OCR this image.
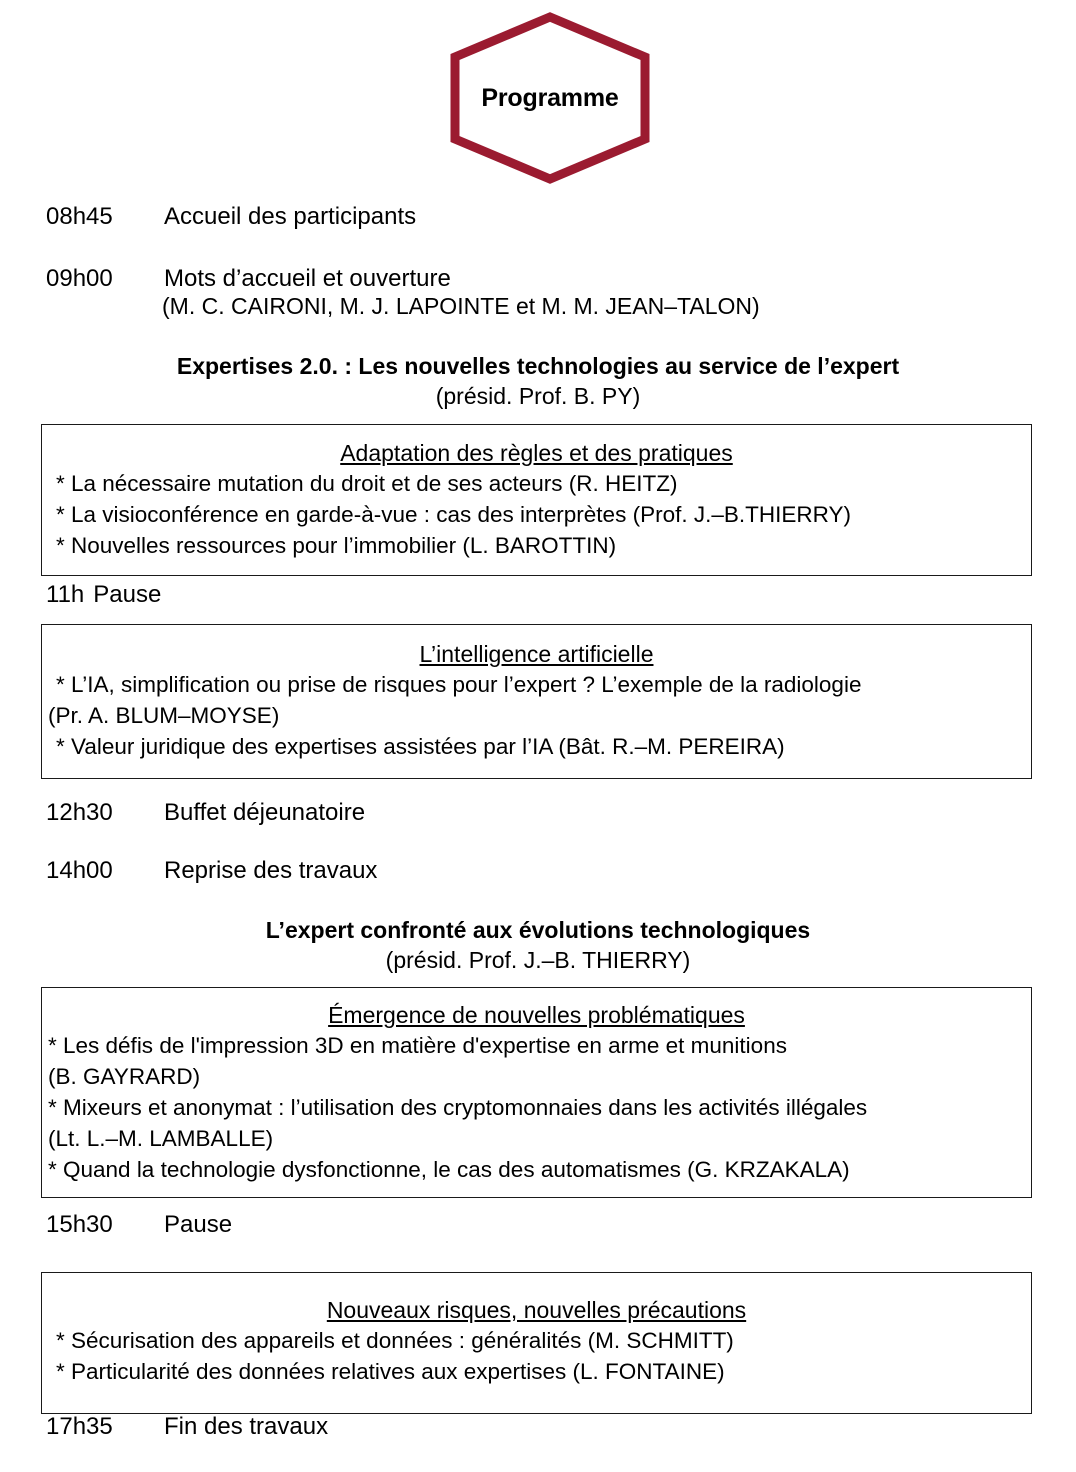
Programme
08h45	Accueil des participants
09h00	Mots d’accueil et ouverture
(M. C. CAIRONI, M. J. LAPOINTE et M. M. JEAN–TALON)
Expertises 2.0. : Les nouvelles technologies au service de l’expert
(présid. Prof. B. PY)
Adaptation des règles et des pratiques
* La nécessaire mutation du droit et de ses acteurs (R. HEITZ)
* La visioconférence en garde-à-vue : cas des interprètes (Prof. J.–B.THIERRY)
* Nouvelles ressources pour l’immobilier (L. BAROTTIN)
11h Pause
L’intelligence artificielle
* L’IA, simplification ou prise de risques pour l’expert ? L’exemple de la radiologie
(Pr. A. BLUM–MOYSE)
* Valeur juridique des expertises assistées par l’IA (Bât. R.–M. PEREIRA)
12h30	Buffet déjeunatoire
14h00	Reprise des travaux
L’expert confronté aux évolutions technologiques
(présid. Prof. J.–B. THIERRY)
Émergence de nouvelles problématiques
* Les défis de l'impression 3D en matière d'expertise en arme et munitions
(B. GAYRARD)
* Mixeurs et anonymat : l’utilisation des cryptomonnaies dans les activités illégales
(Lt. L.–M. LAMBALLE)
* Quand la technologie dysfonctionne, le cas des automatismes (G. KRZAKALA)
15h30	Pause
Nouveaux risques, nouvelles précautions
* Sécurisation des appareils et données : généralités (M. SCHMITT)
* Particularité des données relatives aux expertises (L. FONTAINE)
17h35	Fin des travaux
